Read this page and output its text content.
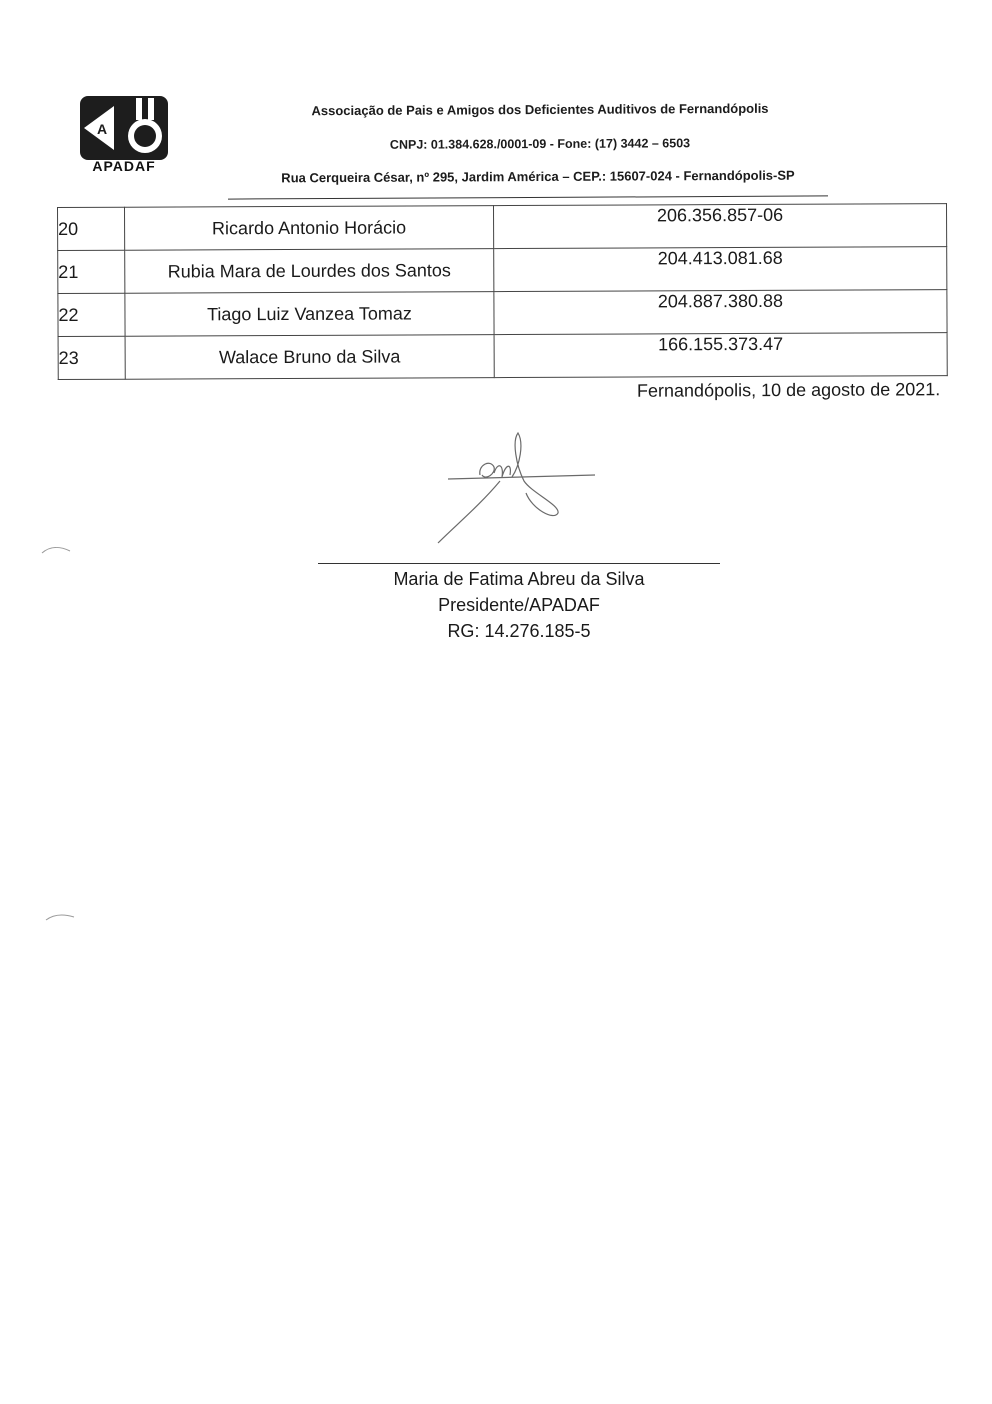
A
APADAF
Associação de Pais e Amigos dos Deficientes Auditivos de Fernandópolis
CNPJ: 01.384.628./0001-09 - Fone: (17) 3442 – 6503
Rua Cerqueira César, nº 295, Jardim América – CEP.: 15607-024 - Fernandópolis-SP
20	Ricardo Antonio Horácio	206.356.857-06
21	Rubia Mara de Lourdes dos Santos	204.413.081.68
22	Tiago Luiz Vanzea Tomaz	204.887.380.88
23	Walace Bruno da Silva	166.155.373.47
Fernandópolis, 10 de agosto de 2021.
Maria de Fatima Abreu da Silva
Presidente/APADAF
RG: 14.276.185-5
